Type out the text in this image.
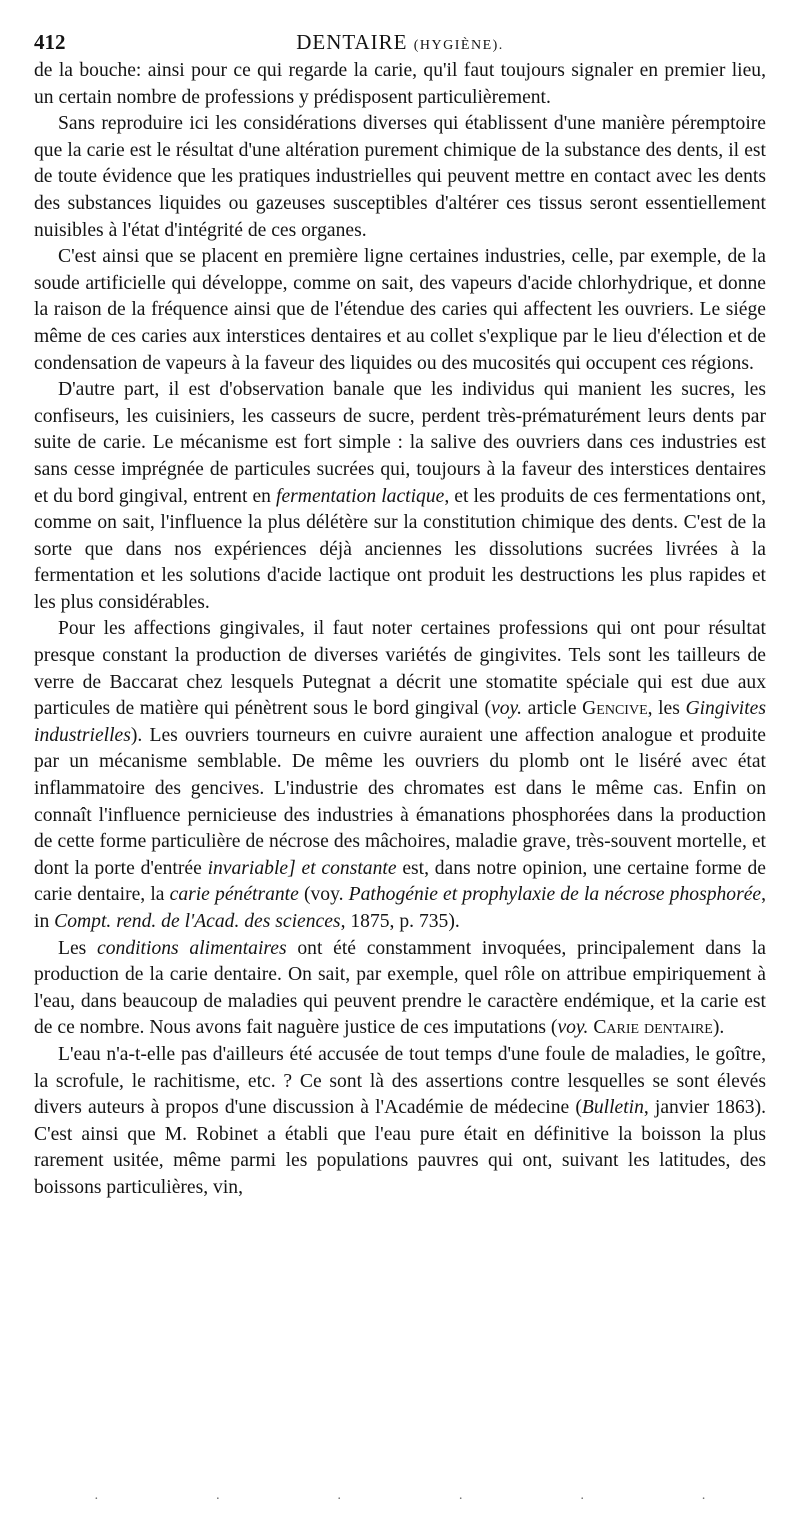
412	DENTAIRE (HYGIÈNE).

de la bouche: ainsi pour ce qui regarde la carie, qu'il faut toujours signaler en premier lieu, un certain nombre de professions y prédisposent particulièrement.

Sans reproduire ici les considérations diverses qui établissent d'une manière péremptoire que la carie est le résultat d'une altération purement chimique de la substance des dents, il est de toute évidence que les pratiques industrielles qui peuvent mettre en contact avec les dents des substances liquides ou gazeuses susceptibles d'altérer ces tissus seront essentiellement nuisibles à l'état d'intégrité de ces organes.

C'est ainsi que se placent en première ligne certaines industries, celle, par exemple, de la soude artificielle qui développe, comme on sait, des vapeurs d'acide chlorhydrique, et donne la raison de la fréquence ainsi que de l'étendue des caries qui affectent les ouvriers. Le siége même de ces caries aux interstices dentaires et au collet s'explique par le lieu d'élection et de condensation de vapeurs à la faveur des liquides ou des mucosités qui occupent ces régions.

D'autre part, il est d'observation banale que les individus qui manient les sucres, les confiseurs, les cuisiniers, les casseurs de sucre, perdent très-prématurément leurs dents par suite de carie. Le mécanisme est fort simple : la salive des ouvriers dans ces industries est sans cesse imprégnée de particules sucrées qui, toujours à la faveur des interstices dentaires et du bord gingival, entrent en fermentation lactique, et les produits de ces fermentations ont, comme on sait, l'influence la plus délétère sur la constitution chimique des dents. C'est de la sorte que dans nos expériences déjà anciennes les dissolutions sucrées livrées à la fermentation et les solutions d'acide lactique ont produit les destructions les plus rapides et les plus considérables.

Pour les affections gingivales, il faut noter certaines professions qui ont pour résultat presque constant la production de diverses variétés de gingivites. Tels sont les tailleurs de verre de Baccarat chez lesquels Putegnat a décrit une stomatite spéciale qui est due aux particules de matière qui pénètrent sous le bord gingival (voy. article Gencive, les Gingivites industrielles). Les ouvriers tourneurs en cuivre auraient une affection analogue et produite par un mécanisme semblable. De même les ouvriers du plomb ont le liséré avec état inflammatoire des gencives. L'industrie des chromates est dans le même cas. Enfin on connaît l'influence pernicieuse des industries à émanations phosphorées dans la production de cette forme particulière de nécrose des mâchoires, maladie grave, très-souvent mortelle, et dont la porte d'entrée invariable] et constante est, dans notre opinion, une certaine forme de carie dentaire, la carie pénétrante (voy. Pathogénie et prophylaxie de la nécrose phosphorée, in Compt. rend. de l'Acad. des sciences, 1875, p. 735).

Les conditions alimentaires ont été constamment invoquées, principalement dans la production de la carie dentaire. On sait, par exemple, quel rôle on attribue empiriquement à l'eau, dans beaucoup de maladies qui peuvent prendre le caractère endémique, et la carie est de ce nombre. Nous avons fait naguère justice de ces imputations (voy. Carie dentaire).

L'eau n'a-t-elle pas d'ailleurs été accusée de tout temps d'une foule de maladies, le goître, la scrofule, le rachitisme, etc. ? Ce sont là des assertions contre lesquelles se sont élevés divers auteurs à propos d'une discussion à l'Académie de médecine (Bulletin, janvier 1863). C'est ainsi que M. Robinet a établi que l'eau pure était en définitive la boisson la plus rarement usitée, même parmi les populations pauvres qui ont, suivant les latitudes, des boissons particulières, vin,

·	·	·	·	·	·
